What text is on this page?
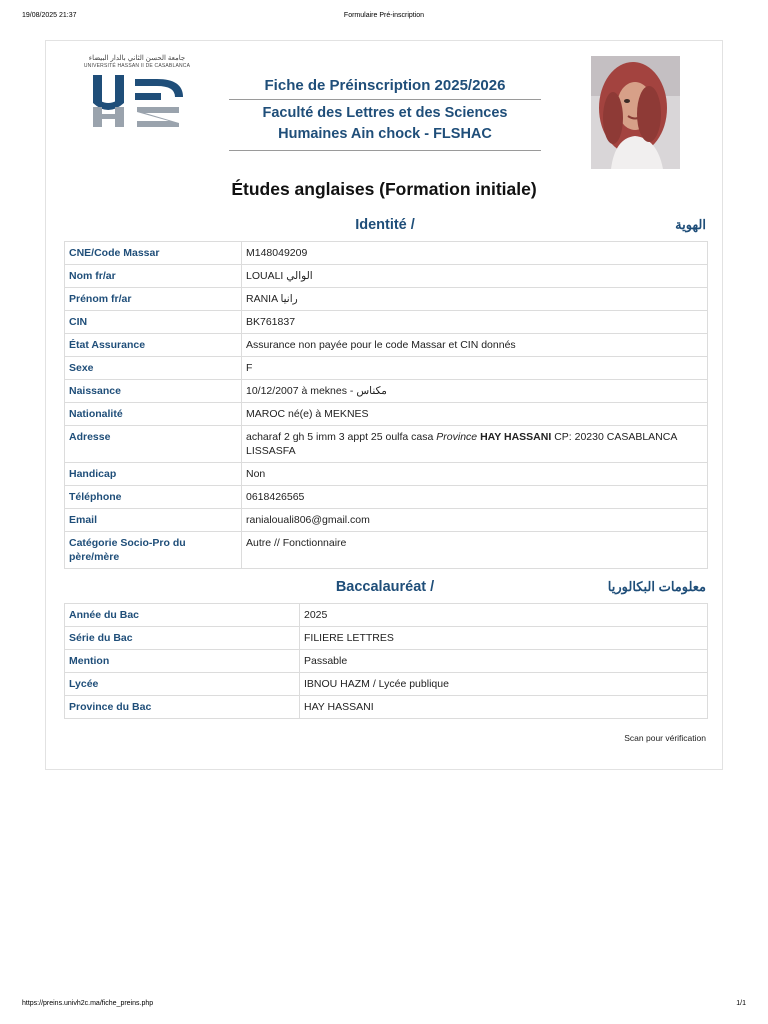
19/08/2025 21:37	Formulaire Pré-inscription
جامعة الحسن الثاني بالدار البيضاء
UNIVERSITÉ HASSAN II DE CASABLANCA
Fiche de Préinscription 2025/2026
Faculté des Lettres et des Sciences
Humaines Ain chock - FLSHAC
Études anglaises (Formation initiale)
Identité /	الهوية
CNE/Code Massar	M148049209
Nom fr/ar	LOUALI الوالي
Prénom fr/ar	RANIA رانيا
CIN	BK761837
État Assurance	Assurance non payée pour le code Massar et CIN donnés
Sexe	F
Naissance	10/12/2007 à meknes - مكناس
Nationalité	MAROC né(e) à MEKNES
Adresse	acharaf 2 gh 5 imm 3 appt 25 oulfa casa Province HAY HASSANI CP: 20230 CASABLANCA LISSASFA
Handicap	Non
Téléphone	0618426565
Email	ranialouali806@gmail.com
Catégorie Socio-Pro du père/mère	Autre // Fonctionnaire
Baccalauréat /	معلومات البكالوريا
Année du Bac	2025
Série du Bac	FILIERE LETTRES
Mention	Passable
Lycée	IBNOU HAZM / Lycée publique
Province du Bac	HAY HASSANI
Scan pour vérification
https://preins.univh2c.ma/fiche_preins.php	1/1
